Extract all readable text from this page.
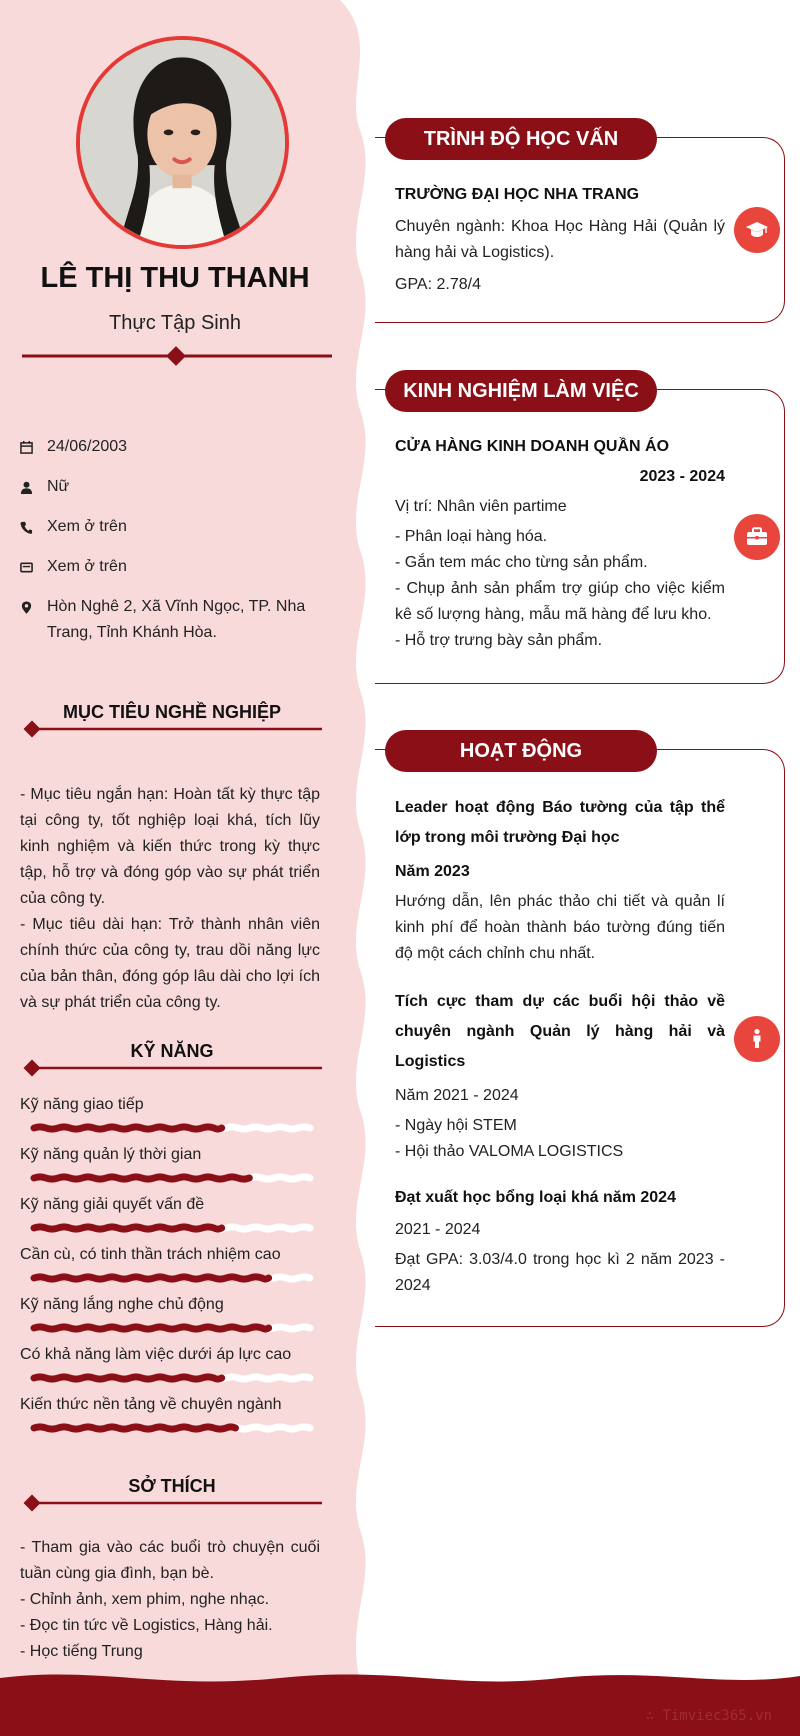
LÊ THỊ THU THANH
Thực Tập Sinh
24/06/2003
Nữ
Xem ở trên
Xem ở trên
Hòn Nghê 2, Xã Vĩnh Ngọc, TP. Nha Trang, Tỉnh Khánh Hòa.
MỤC TIÊU NGHỀ NGHIỆP
- Mục tiêu ngắn hạn: Hoàn tất kỳ thực tập tại công ty, tốt nghiệp loại khá, tích lũy kinh nghiệm và kiến thức trong kỳ thực tập, hỗ trợ và đóng góp vào sự phát triển của công ty.
- Mục tiêu dài hạn: Trở thành nhân viên chính thức của công ty, trau dồi năng lực của bản thân, đóng góp lâu dài cho lợi ích và sự phát triển của công ty.
KỸ NĂNG
Kỹ năng giao tiếp
Kỹ năng quản lý thời gian
Kỹ năng giải quyết vấn đề
Cần cù, có tinh thần trách nhiệm cao
Kỹ năng lắng nghe chủ động
Có khả năng làm việc dưới áp lực cao
Kiến thức nền tảng về chuyên ngành
SỞ THÍCH
- Tham gia vào các buổi trò chuyện cuối tuần cùng gia đình, bạn bè.
- Chỉnh ảnh, xem phim, nghe nhạc.
- Đọc tin tức về Logistics, Hàng hải.
- Học tiếng Trung
TRÌNH ĐỘ HỌC VẤN
TRƯỜNG ĐẠI HỌC NHA TRANG
Chuyên ngành: Khoa Học Hàng Hải (Quản lý hàng hải và Logistics).
GPA: 2.78/4
KINH NGHIỆM LÀM VIỆC
CỬA HÀNG KINH DOANH QUẦN ÁO
2023 - 2024
Vị trí: Nhân viên partime
- Phân loại hàng hóa.
- Gắn tem mác cho từng sản phẩm.
- Chụp ảnh sản phẩm trợ giúp cho việc kiểm kê số lượng hàng, mẫu mã hàng để lưu kho.
- Hỗ trợ trưng bày sản phẩm.
HOẠT ĐỘNG
Leader hoạt động Báo tường của tập thể lớp trong môi trường Đại học
Năm 2023
Hướng dẫn, lên phác thảo chi tiết và quản lí kinh phí để hoàn thành báo tường đúng tiến độ một cách chỉnh chu nhất.
Tích cực tham dự các buổi hội thảo về chuyên ngành Quản lý hàng hải và Logistics
Năm 2021 - 2024
- Ngày hội STEM
- Hội thảo VALOMA LOGISTICS
Đạt xuất học bổng loại khá năm 2024
2021 - 2024
Đạt GPA: 3.03/4.0 trong học kì 2 năm 2023 - 2024
∴ Timviec365.vn
